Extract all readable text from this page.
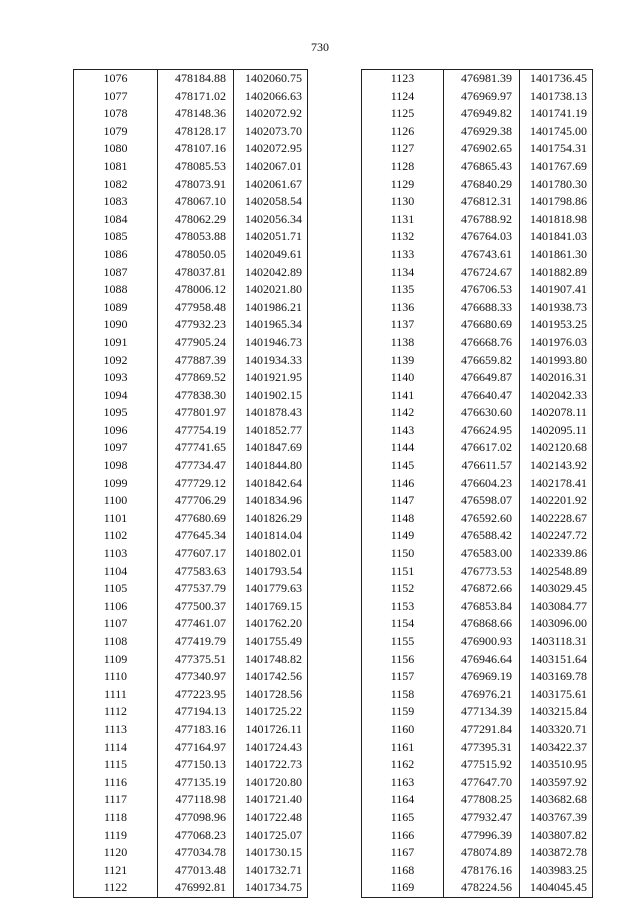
730
1076	478184.88	1402060.75
1077	478171.02	1402066.63
1078	478148.36	1402072.92
1079	478128.17	1402073.70
1080	478107.16	1402072.95
1081	478085.53	1402067.01
1082	478073.91	1402061.67
1083	478067.10	1402058.54
1084	478062.29	1402056.34
1085	478053.88	1402051.71
1086	478050.05	1402049.61
1087	478037.81	1402042.89
1088	478006.12	1402021.80
1089	477958.48	1401986.21
1090	477932.23	1401965.34
1091	477905.24	1401946.73
1092	477887.39	1401934.33
1093	477869.52	1401921.95
1094	477838.30	1401902.15
1095	477801.97	1401878.43
1096	477754.19	1401852.77
1097	477741.65	1401847.69
1098	477734.47	1401844.80
1099	477729.12	1401842.64
1100	477706.29	1401834.96
1101	477680.69	1401826.29
1102	477645.34	1401814.04
1103	477607.17	1401802.01
1104	477583.63	1401793.54
1105	477537.79	1401779.63
1106	477500.37	1401769.15
1107	477461.07	1401762.20
1108	477419.79	1401755.49
1109	477375.51	1401748.82
1110	477340.97	1401742.56
1111	477223.95	1401728.56
1112	477194.13	1401725.22
1113	477183.16	1401726.11
1114	477164.97	1401724.43
1115	477150.13	1401722.73
1116	477135.19	1401720.80
1117	477118.98	1401721.40
1118	477098.96	1401722.48
1119	477068.23	1401725.07
1120	477034.78	1401730.15
1121	477013.48	1401732.71
1122	476992.81	1401734.75
1123	476981.39	1401736.45
1124	476969.97	1401738.13
1125	476949.82	1401741.19
1126	476929.38	1401745.00
1127	476902.65	1401754.31
1128	476865.43	1401767.69
1129	476840.29	1401780.30
1130	476812.31	1401798.86
1131	476788.92	1401818.98
1132	476764.03	1401841.03
1133	476743.61	1401861.30
1134	476724.67	1401882.89
1135	476706.53	1401907.41
1136	476688.33	1401938.73
1137	476680.69	1401953.25
1138	476668.76	1401976.03
1139	476659.82	1401993.80
1140	476649.87	1402016.31
1141	476640.47	1402042.33
1142	476630.60	1402078.11
1143	476624.95	1402095.11
1144	476617.02	1402120.68
1145	476611.57	1402143.92
1146	476604.23	1402178.41
1147	476598.07	1402201.92
1148	476592.60	1402228.67
1149	476588.42	1402247.72
1150	476583.00	1402339.86
1151	476773.53	1402548.89
1152	476872.66	1403029.45
1153	476853.84	1403084.77
1154	476868.66	1403096.00
1155	476900.93	1403118.31
1156	476946.64	1403151.64
1157	476969.19	1403169.78
1158	476976.21	1403175.61
1159	477134.39	1403215.84
1160	477291.84	1403320.71
1161	477395.31	1403422.37
1162	477515.92	1403510.95
1163	477647.70	1403597.92
1164	477808.25	1403682.68
1165	477932.47	1403767.39
1166	477996.39	1403807.82
1167	478074.89	1403872.78
1168	478176.16	1403983.25
1169	478224.56	1404045.45
